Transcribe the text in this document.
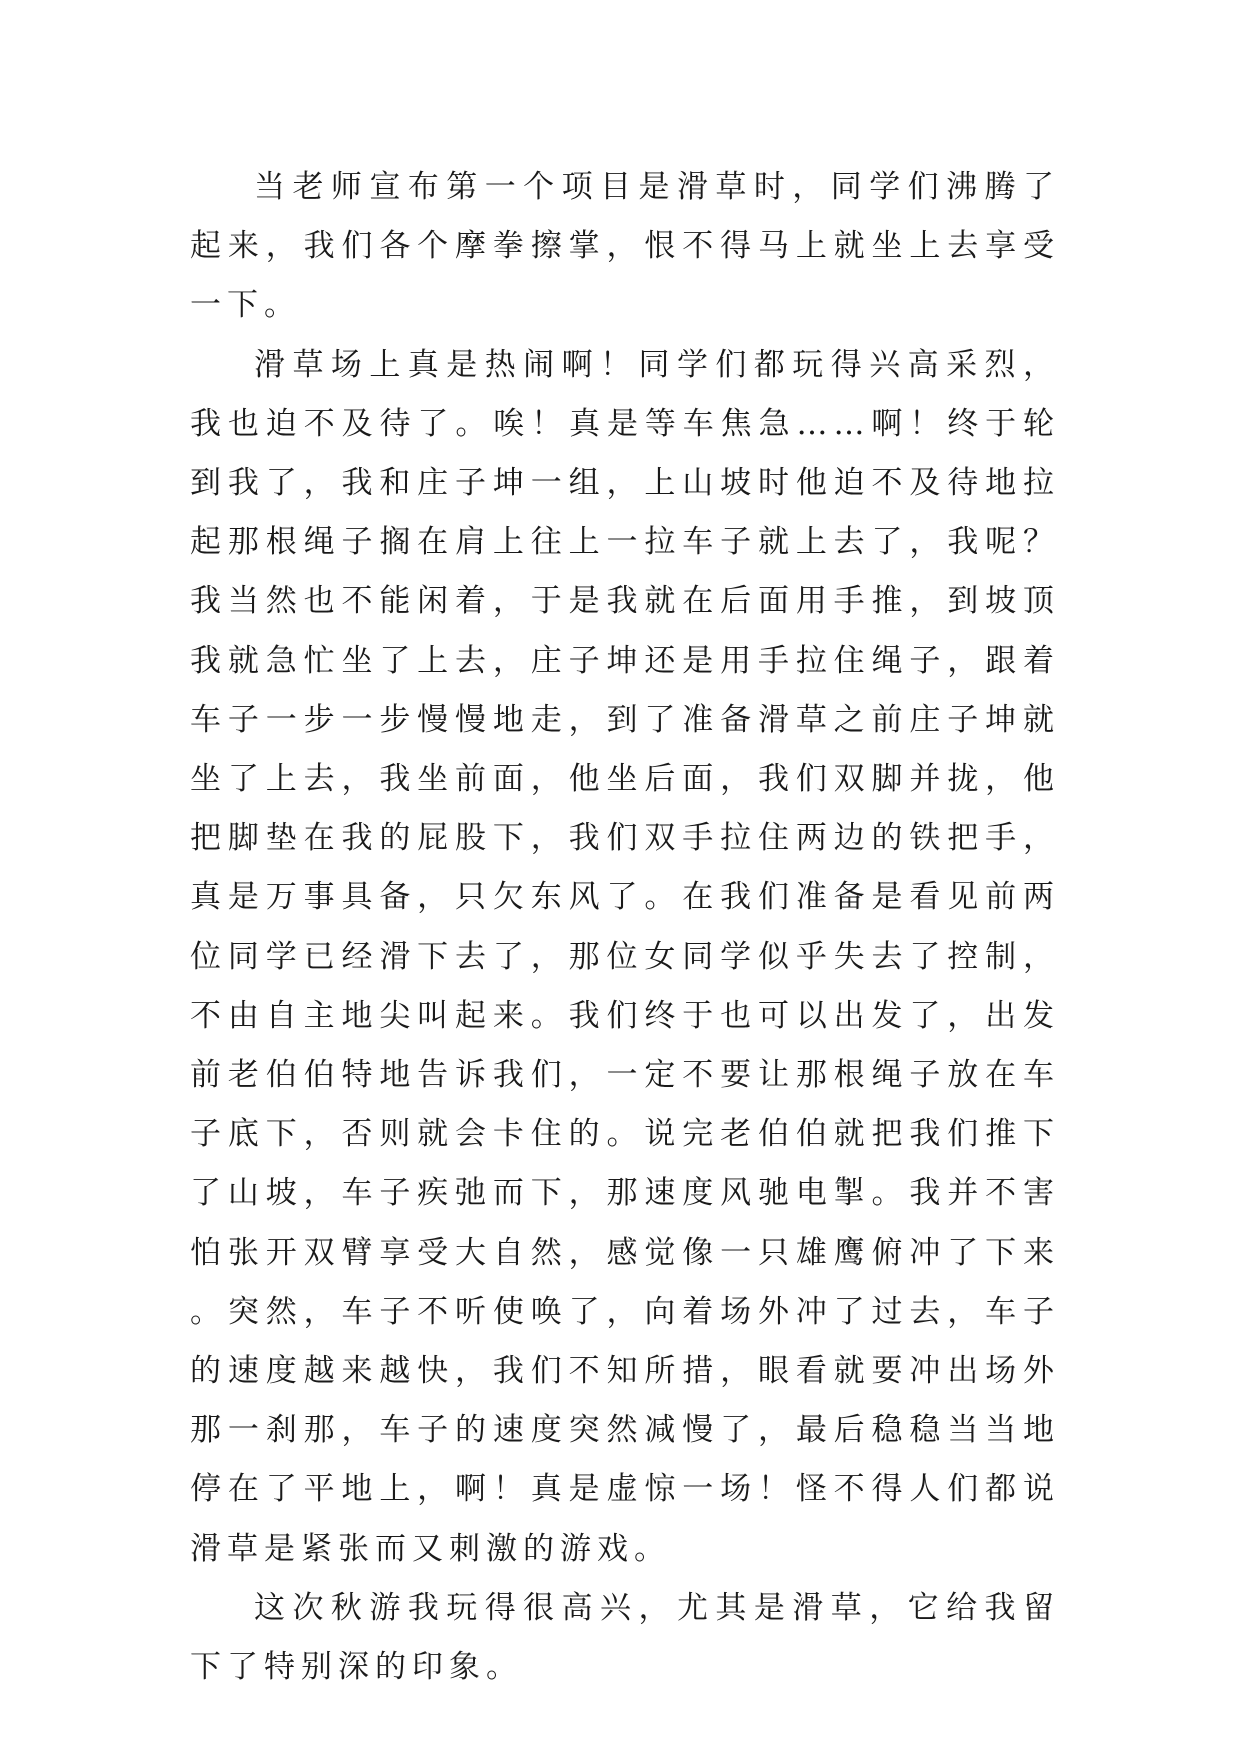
当老师宣布第一个项目是滑草时，同学们沸腾了起来，我们各个摩拳擦掌，恨不得马上就坐上去享受一下。

滑草场上真是热闹啊！同学们都玩得兴高采烈，我也迫不及待了。唉！真是等车焦急……啊！终于轮到我了，我和庄子坤一组，上山坡时他迫不及待地拉起那根绳子搁在肩上往上一拉车子就上去了，我呢？我当然也不能闲着，于是我就在后面用手推，到坡顶我就急忙坐了上去，庄子坤还是用手拉住绳子，跟着车子一步一步慢慢地走，到了准备滑草之前庄子坤就坐了上去，我坐前面，他坐后面，我们双脚并拢，他把脚垫在我的屁股下，我们双手拉住两边的铁把手，真是万事具备，只欠东风了。在我们准备是看见前两位同学已经滑下去了，那位女同学似乎失去了控制，不由自主地尖叫起来。我们终于也可以出发了，出发前老伯伯特地告诉我们，一定不要让那根绳子放在车子底下，否则就会卡住的。说完老伯伯就把我们推下了山坡，车子疾弛而下，那速度风驰电掣。我并不害怕张开双臂享受大自然，感觉像一只雄鹰俯冲了下来。突然，车子不听使唤了，向着场外冲了过去，车子的速度越来越快，我们不知所措，眼看就要冲出场外那一刹那，车子的速度突然减慢了，最后稳稳当当地停在了平地上，啊！真是虚惊一场！怪不得人们都说滑草是紧张而又刺激的游戏。

这次秋游我玩得很高兴，尤其是滑草，它给我留下了特别深的印象。
